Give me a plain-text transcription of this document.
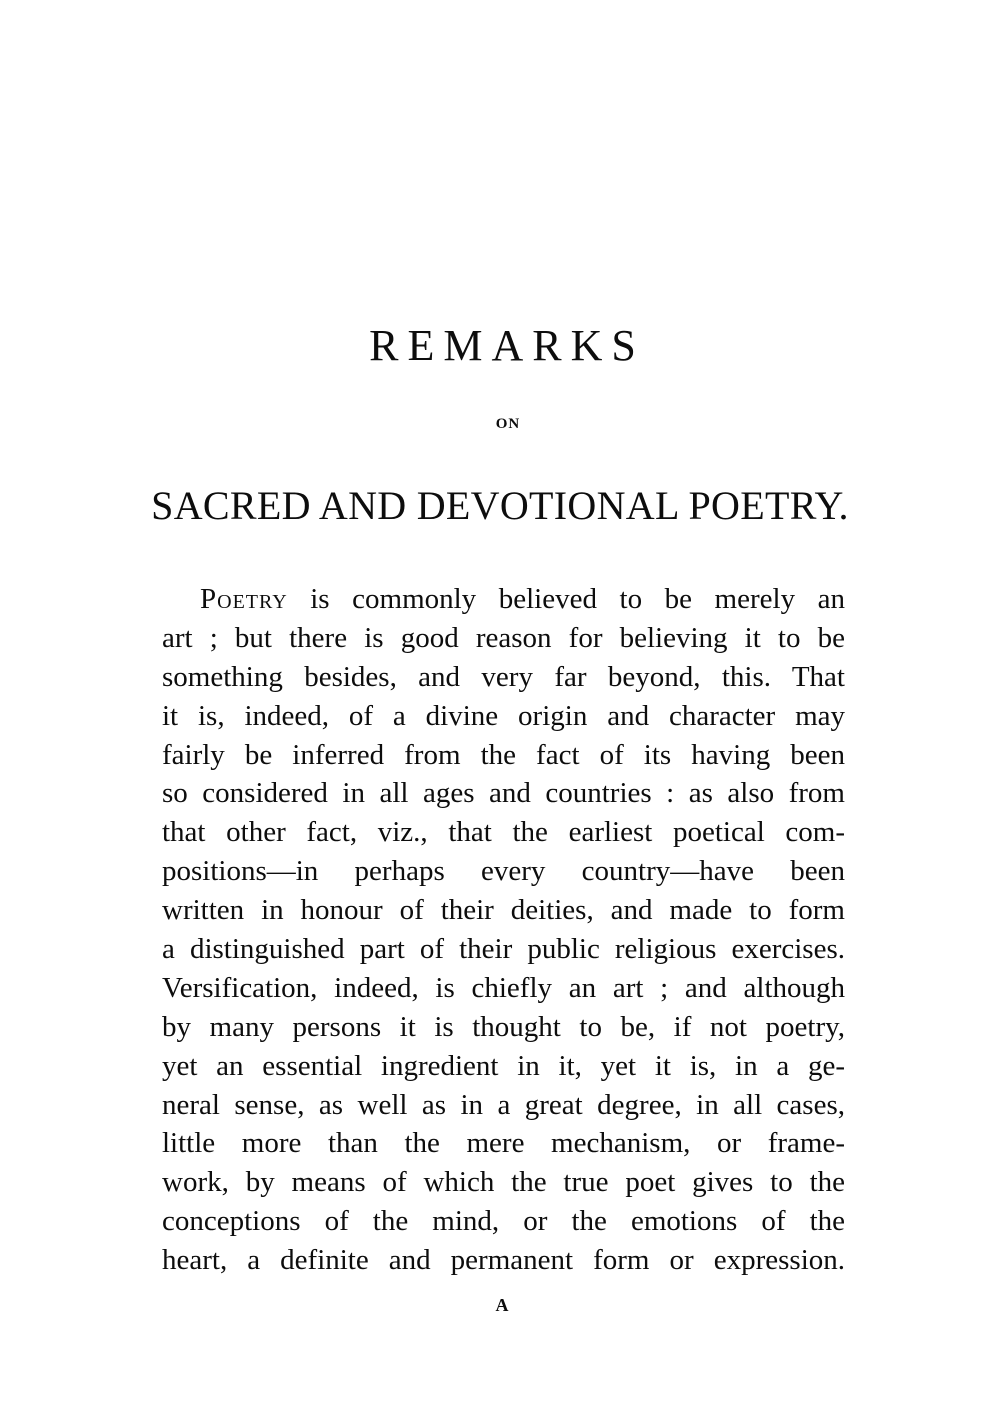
REMARKS
ON
SACRED AND DEVOTIONAL POETRY.
Poetry is commonly believed to be merely an
art ; but there is good reason for believing it to be
something besides, and very far beyond, this. That
it is, indeed, of a divine origin and character may
fairly be inferred from the fact of its having been
so considered in all ages and countries : as also from
that other fact, viz., that the earliest poetical com-
positions—in perhaps every country—have been
written in honour of their deities, and made to form
a distinguished part of their public religious exercises.
Versification, indeed, is chiefly an art ; and although
by many persons it is thought to be, if not poetry,
yet an essential ingredient in it, yet it is, in a ge-
neral sense, as well as in a great degree, in all cases,
little more than the mere mechanism, or frame-
work, by means of which the true poet gives to the
conceptions of the mind, or the emotions of the
heart, a definite and permanent form or expression.
A
